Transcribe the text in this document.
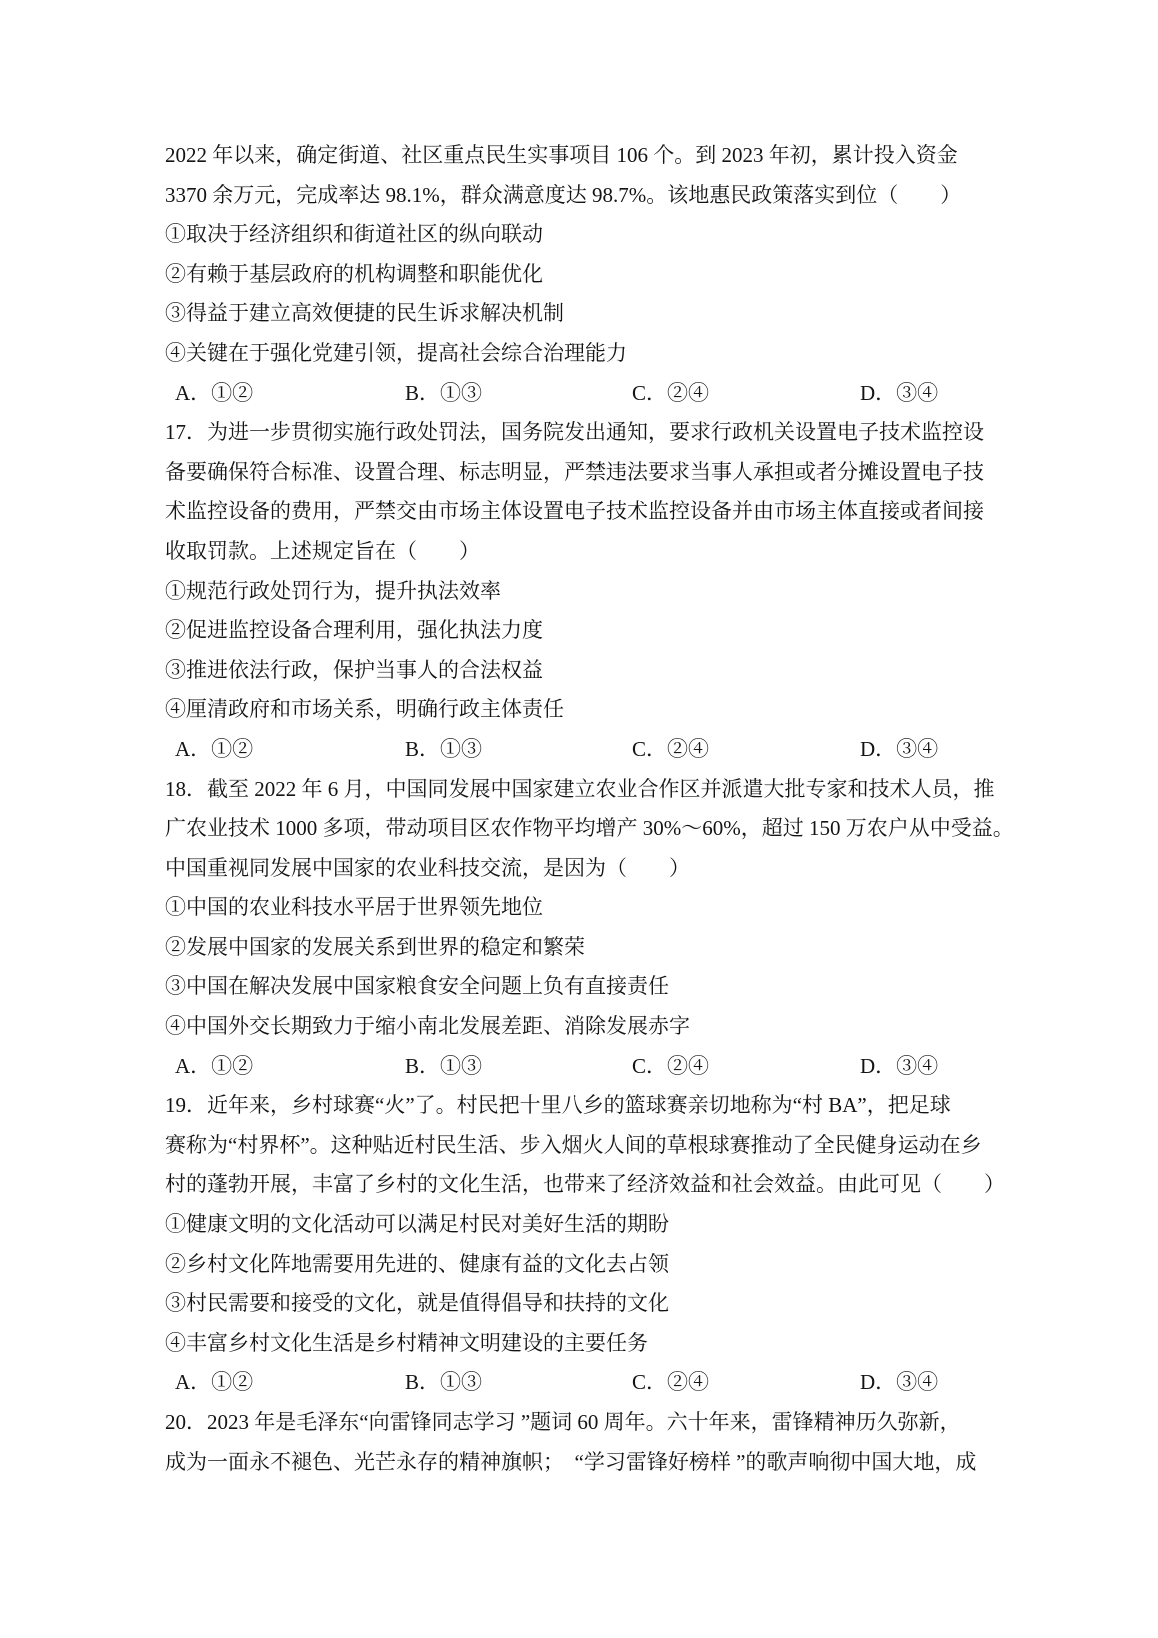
2022 年以来，确定街道、社区重点民生实事项目 106 个。到 2023 年初，累计投入资金
3370 余万元，完成率达 98.1%，群众满意度达 98.7%。该地惠民政策落实到位（　　）
①取决于经济组织和街道社区的纵向联动
②有赖于基层政府的机构调整和职能优化
③得益于建立高效便捷的民生诉求解决机制
④关键在于强化党建引领，提高社会综合治理能力

A．①②

	B．①③

	C．②④

	D．③④

17．为进一步贯彻实施行政处罚法，国务院发出通知，要求行政机关设置电子技术监控设
备要确保符合标准、设置合理、标志明显，严禁违法要求当事人承担或者分摊设置电子技
术监控设备的费用，严禁交由市场主体设置电子技术监控设备并由市场主体直接或者间接
收取罚款。上述规定旨在（　　）
①规范行政处罚行为，提升执法效率
②促进监控设备合理利用，强化执法力度
③推进依法行政，保护当事人的合法权益
④厘清政府和市场关系，明确行政主体责任

A．①②

	B．①③

	C．②④

	D．③④

18．截至 2022 年 6 月，中国同发展中国家建立农业合作区并派遣大批专家和技术人员，推
广农业技术 1000 多项，带动项目区农作物平均增产 30%～60%，超过 150 万农户从中受益。
中国重视同发展中国家的农业科技交流，是因为（　　）
①中国的农业科技水平居于世界领先地位
②发展中国家的发展关系到世界的稳定和繁荣
③中国在解决发展中国家粮食安全问题上负有直接责任
④中国外交长期致力于缩小南北发展差距、消除发展赤字

A．①②

	B．①③

	C．②④

	D．③④

19．近年来，乡村球赛“火”了。村民把十里八乡的篮球赛亲切地称为“村 BA”，把足球
赛称为“村界杯”。这种贴近村民生活、步入烟火人间的草根球赛推动了全民健身运动在乡
村的蓬勃开展，丰富了乡村的文化生活，也带来了经济效益和社会效益。由此可见（　　）
①健康文明的文化活动可以满足村民对美好生活的期盼
②乡村文化阵地需要用先进的、健康有益的文化去占领
③村民需要和接受的文化，就是值得倡导和扶持的文化
④丰富乡村文化生活是乡村精神文明建设的主要任务

A．①②

	B．①③

	C．②④

	D．③④

20．2023 年是毛泽东“向雷锋同志学习 ”题词 60 周年。六十年来，雷锋精神历久弥新，
成为一面永不褪色、光芒永存的精神旗帜；　“学习雷锋好榜样 ”的歌声响彻中国大地，成
